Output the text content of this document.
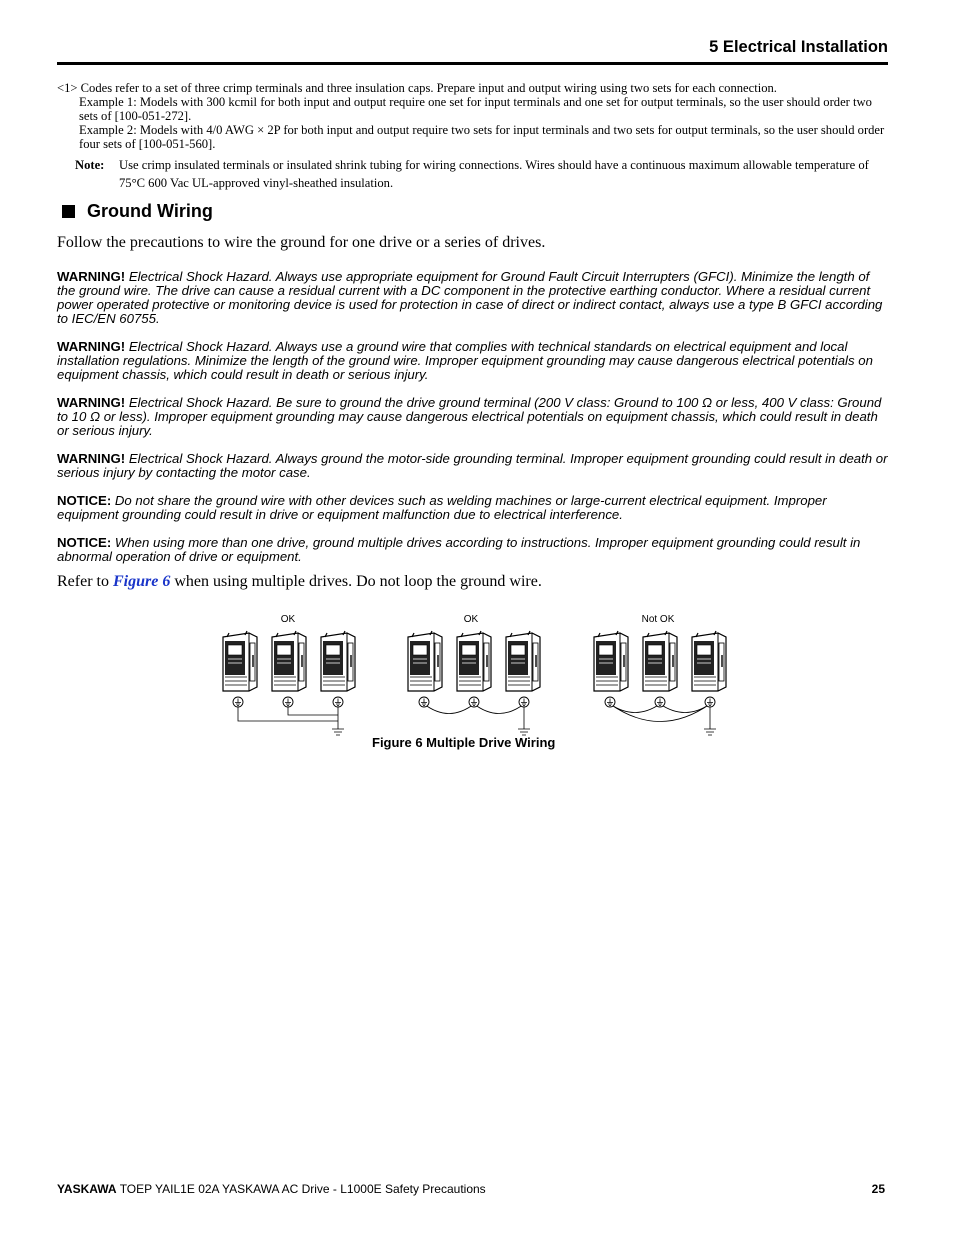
5 Electrical Installation
<1> Codes refer to a set of three crimp terminals and three insulation caps. Prepare input and output wiring using two sets for each connection.
Example 1: Models with 300 kcmil for both input and output require one set for input terminals and one set for output terminals, so the user should order two sets of [100-051-272].
Example 2: Models with 4/0 AWG × 2P for both input and output require two sets for input terminals and two sets for output terminals, so the user should order four sets of [100-051-560].
Note:	Use crimp insulated terminals or insulated shrink tubing for wiring connections. Wires should have a continuous maximum allowable temperature of 75°C 600 Vac UL-approved vinyl-sheathed insulation.
Ground Wiring
Follow the precautions to wire the ground for one drive or a series of drives.
WARNING! Electrical Shock Hazard. Always use appropriate equipment for Ground Fault Circuit Interrupters (GFCI). Minimize the length of the ground wire. The drive can cause a residual current with a DC component in the protective earthing conductor. Where a residual current power operated protective or monitoring device is used for protection in case of direct or indirect contact, always use a type B GFCI according to IEC/EN 60755.
WARNING! Electrical Shock Hazard. Always use a ground wire that complies with technical standards on electrical equipment and local installation regulations. Minimize the length of the ground wire. Improper equipment grounding may cause dangerous electrical potentials on equipment chassis, which could result in death or serious injury.
WARNING! Electrical Shock Hazard. Be sure to ground the drive ground terminal (200 V class: Ground to 100 Ω or less, 400 V class: Ground to 10 Ω or less). Improper equipment grounding may cause dangerous electrical potentials on equipment chassis, which could result in death or serious injury.
WARNING! Electrical Shock Hazard. Always ground the motor-side grounding terminal. Improper equipment grounding could result in death or serious injury by contacting the motor case.
NOTICE: Do not share the ground wire with other devices such as welding machines or large-current electrical equipment. Improper equipment grounding could result in drive or equipment malfunction due to electrical interference.
NOTICE: When using more than one drive, ground multiple drives according to instructions. Improper equipment grounding could result in abnormal operation of drive or equipment.
Refer to Figure 6 when using multiple drives. Do not loop the ground wire.
OK	OK	Not OK
Figure 6 Multiple Drive Wiring
YASKAWA TOEP YAIL1E 02A YASKAWA AC Drive - L1000E Safety Precautions	25
